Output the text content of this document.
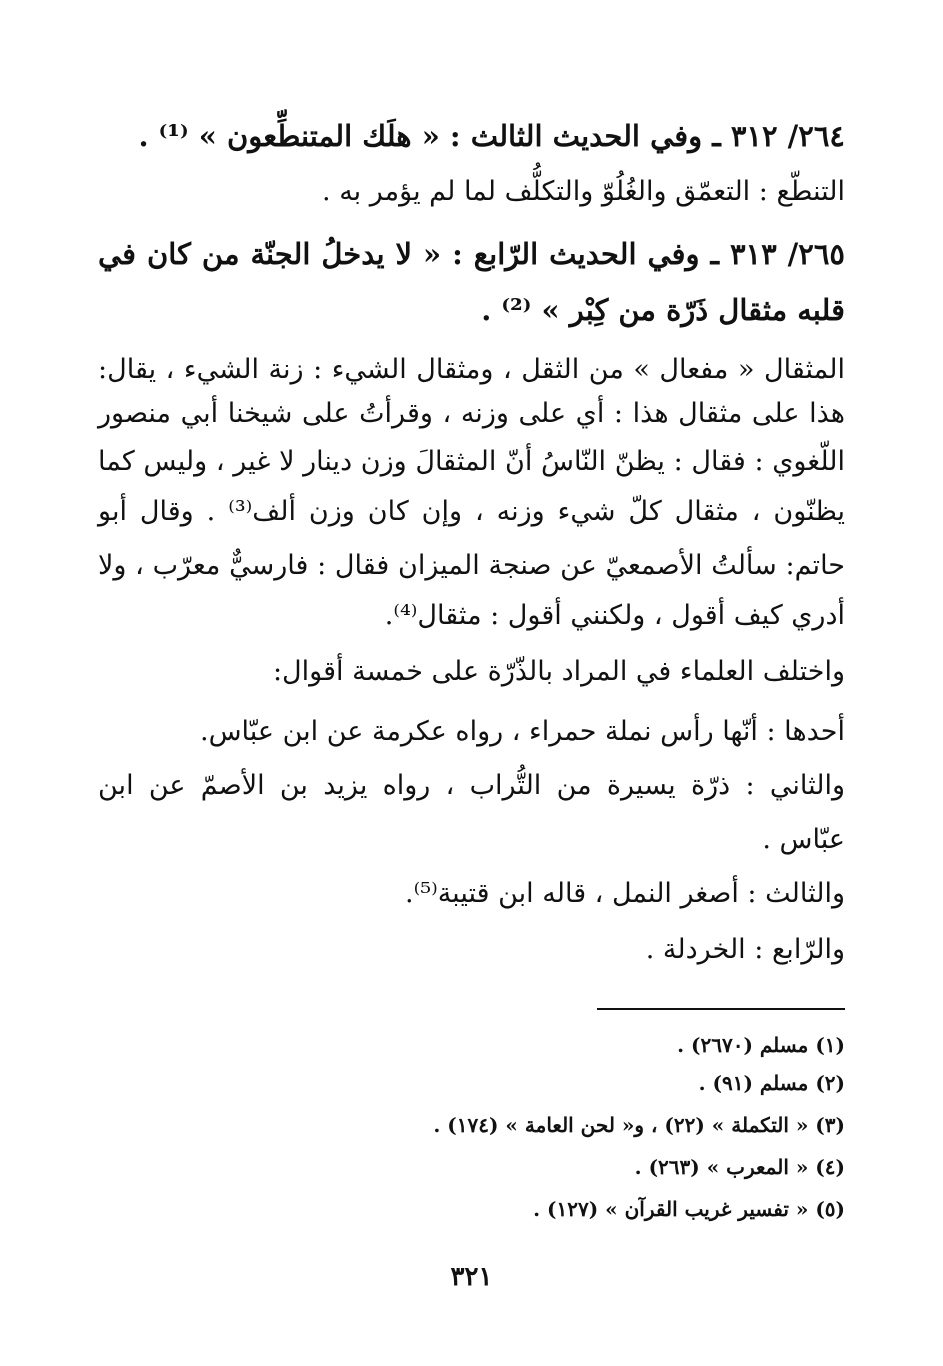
٢٦٤/ ٣١٢ ـ وفي الحديث الثالث : « هلَك المتنطِّعون » ⁽¹⁾ .
التنطّع : التعمّق والغُلُوّ والتكلُّف لما لم يؤمر به .
٢٦٥/ ٣١٣ ـ وفي الحديث الرّابع : « لا يدخلُ الجنّة من كان في
قلبه مثقال ذَرّة من كِبْر » ⁽²⁾ .
المثقال « مفعال » من الثقل ، ومثقال الشيء : زنة الشيء ، يقال:
هذا على مثقال هذا : أي على وزنه ، وقرأتُ على شيخنا أبي منصور
اللّغوي : فقال : يظنّ النّاسُ أنّ المثقالَ وزن دينار لا غير ، وليس كما
يظنّون ، مثقال كلّ شيء وزنه ، وإن كان وزن ألف⁽³⁾ . وقال أبو
حاتم: سألتُ الأصمعيّ عن صنجة الميزان فقال : فارسيٌّ معرّب ، ولا
أدري كيف أقول ، ولكنني أقول : مثقال⁽⁴⁾.
واختلف العلماء في المراد بالذّرّة على خمسة أقوال:
أحدها : أنّها رأس نملة حمراء ، رواه عكرمة عن ابن عبّاس.
والثاني : ذرّة يسيرة من التُّراب ، رواه يزيد بن الأصمّ عن ابن
عبّاس .
والثالث : أصغر النمل ، قاله ابن قتيبة⁽⁵⁾.
والرّابع : الخردلة .
(١) مسلم (٢٦٧٠) .
(٢) مسلم (٩١) .
(٣) « التكملة » (٢٢) ، و« لحن العامة » (١٧٤) .
(٤) « المعرب » (٢٦٣) .
(٥) « تفسير غريب القرآن » (١٢٧) .
٣٢١
